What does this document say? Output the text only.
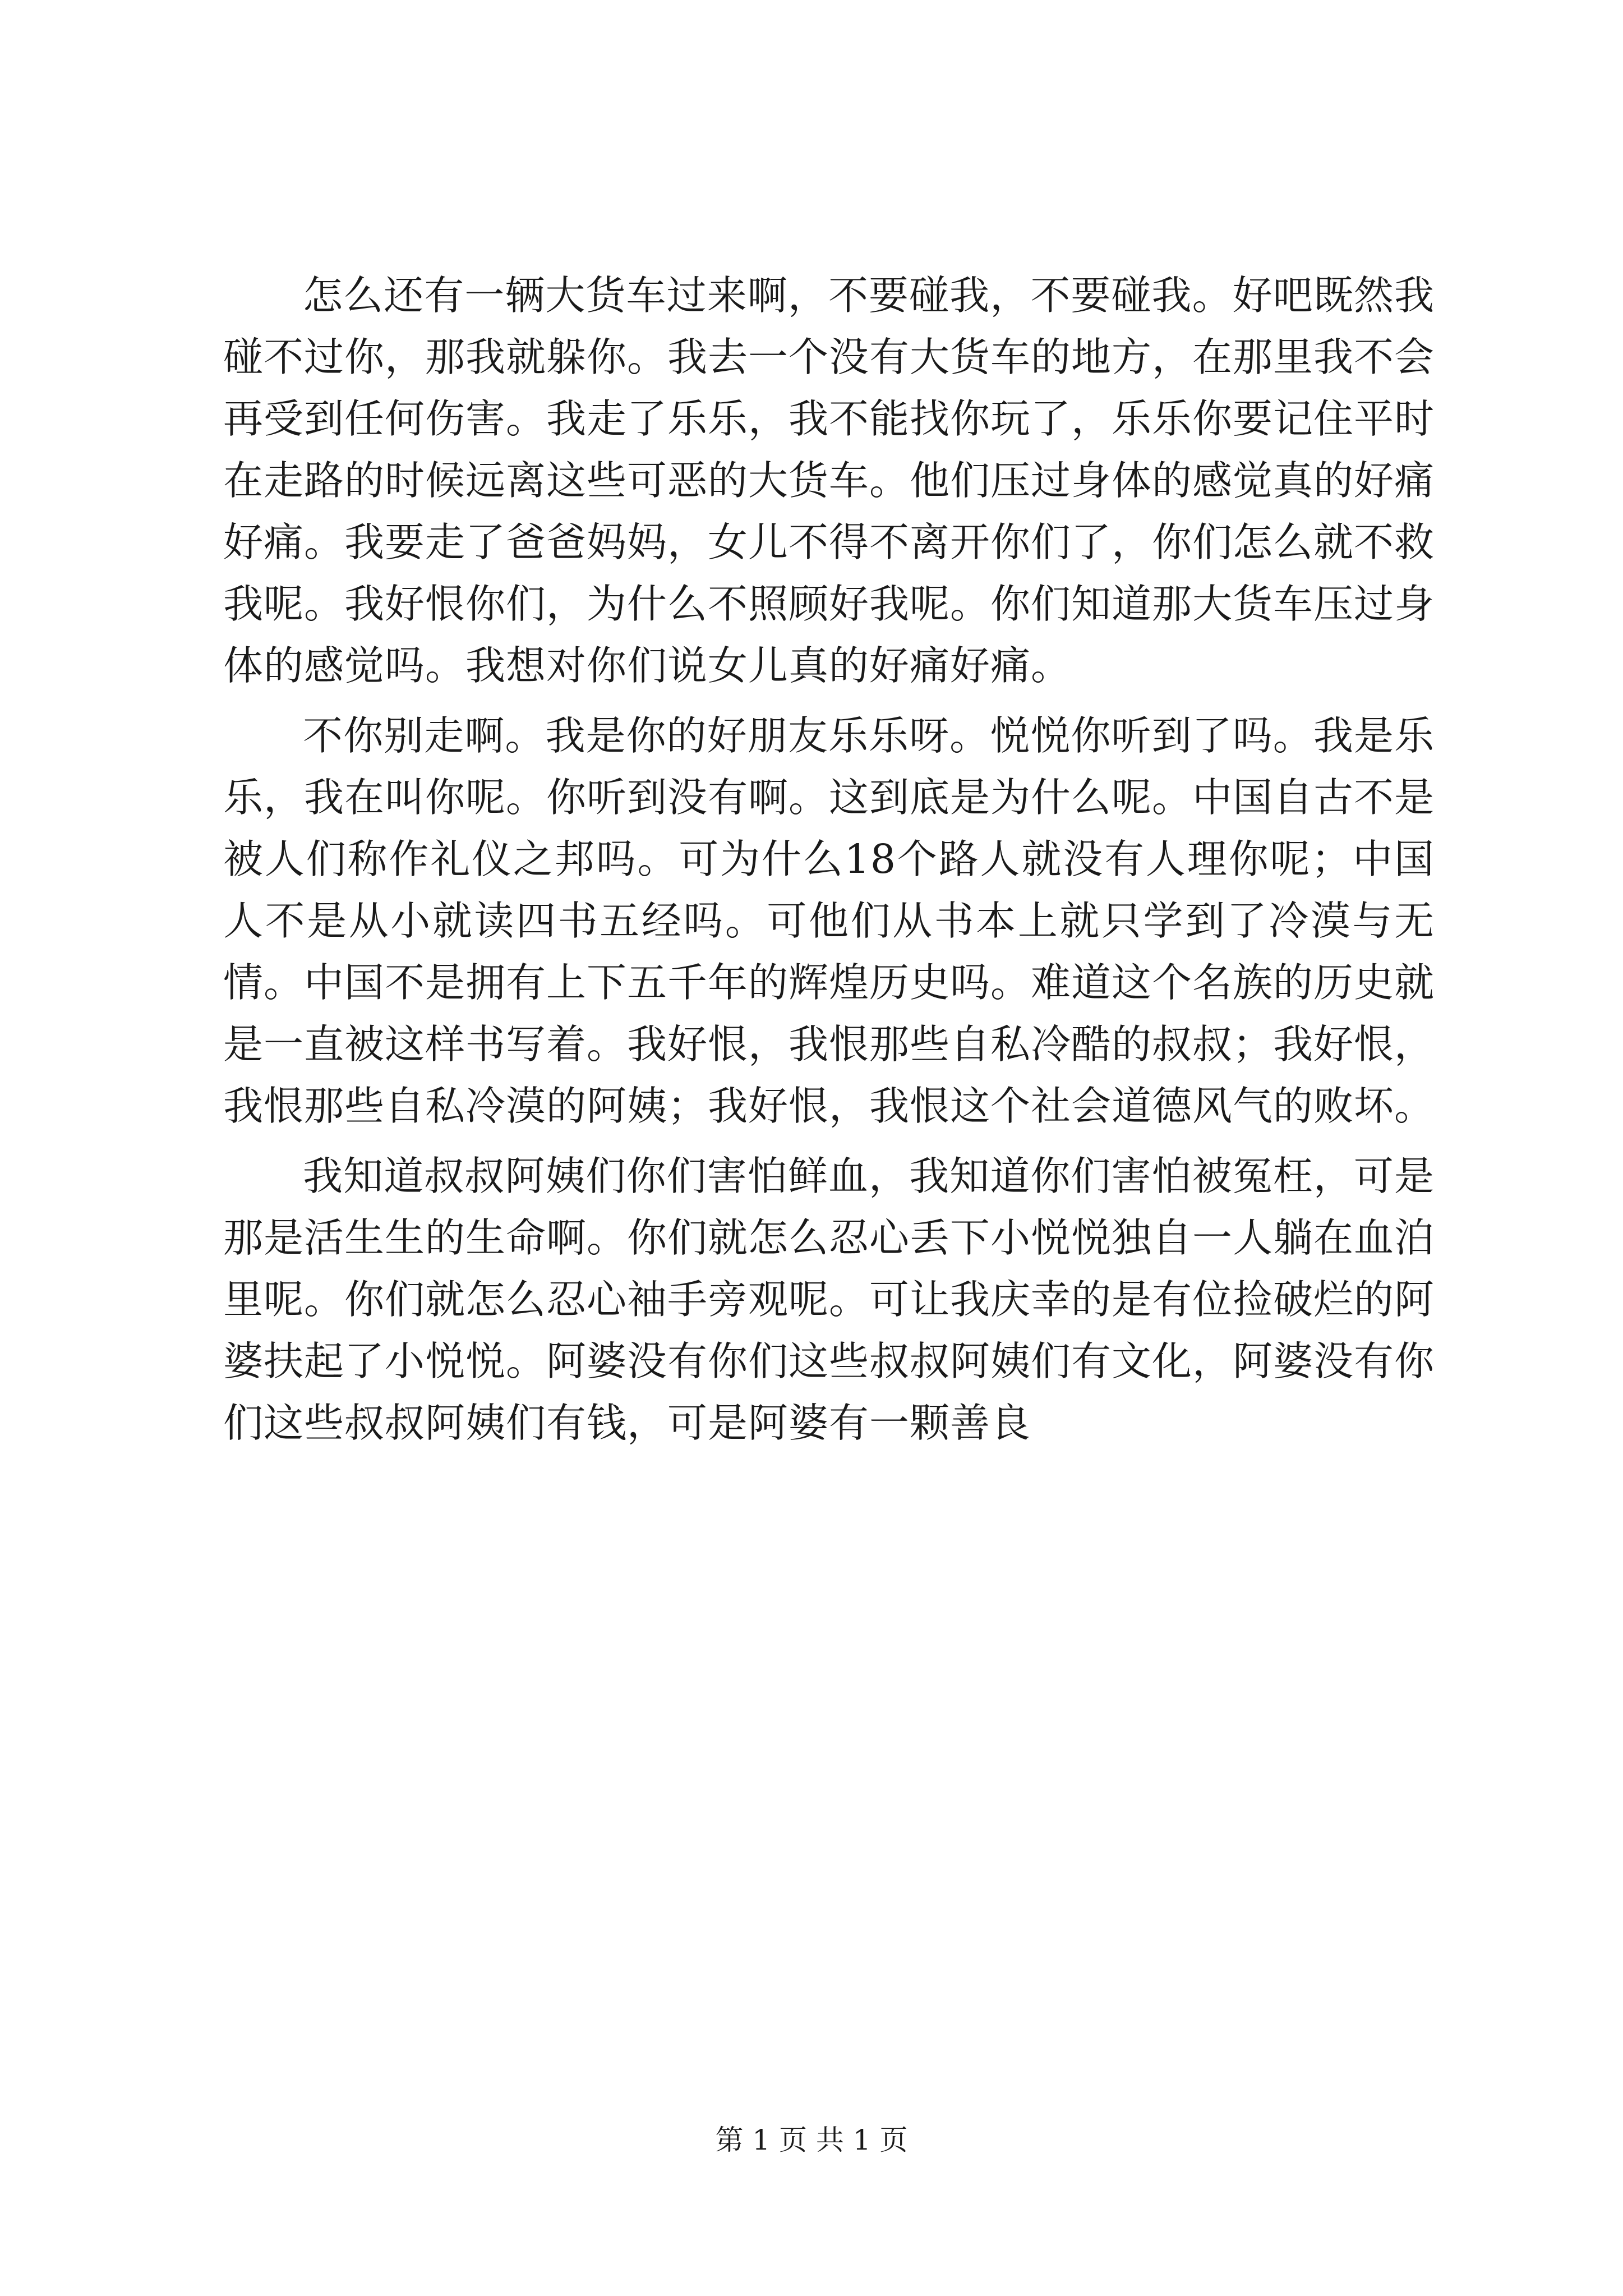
怎么还有一辆大货车过来啊，不要碰我，不要碰我。好吧既然我碰不过你，那我就躲你。我去一个没有大货车的地方，在那里我不会再受到任何伤害。我走了乐乐，我不能找你玩了，乐乐你要记住平时在走路的时候远离这些可恶的大货车。他们压过身体的感觉真的好痛好痛。我要走了爸爸妈妈，女儿不得不离开你们了，你们怎么就不救我呢。我好恨你们，为什么不照顾好我呢。你们知道那大货车压过身体的感觉吗。我想对你们说女儿真的好痛好痛。

不你别走啊。我是你的好朋友乐乐呀。悦悦你听到了吗。我是乐乐，我在叫你呢。你听到没有啊。这到底是为什么呢。中国自古不是被人们称作礼仪之邦吗。可为什么18个路人就没有人理你呢；中国人不是从小就读四书五经吗。可他们从书本上就只学到了冷漠与无情。中国不是拥有上下五千年的辉煌历史吗。难道这个名族的历史就是一直被这样书写着。我好恨，我恨那些自私冷酷的叔叔；我好恨，我恨那些自私冷漠的阿姨；我好恨，我恨这个社会道德风气的败坏。

我知道叔叔阿姨们你们害怕鲜血，我知道你们害怕被冤枉，可是那是活生生的生命啊。你们就怎么忍心丢下小悦悦独自一人躺在血泊里呢。你们就怎么忍心袖手旁观呢。可让我庆幸的是有位捡破烂的阿婆扶起了小悦悦。阿婆没有你们这些叔叔阿姨们有文化，阿婆没有你们这些叔叔阿姨们有钱，可是阿婆有一颗善良

第 1 页 共 1 页
